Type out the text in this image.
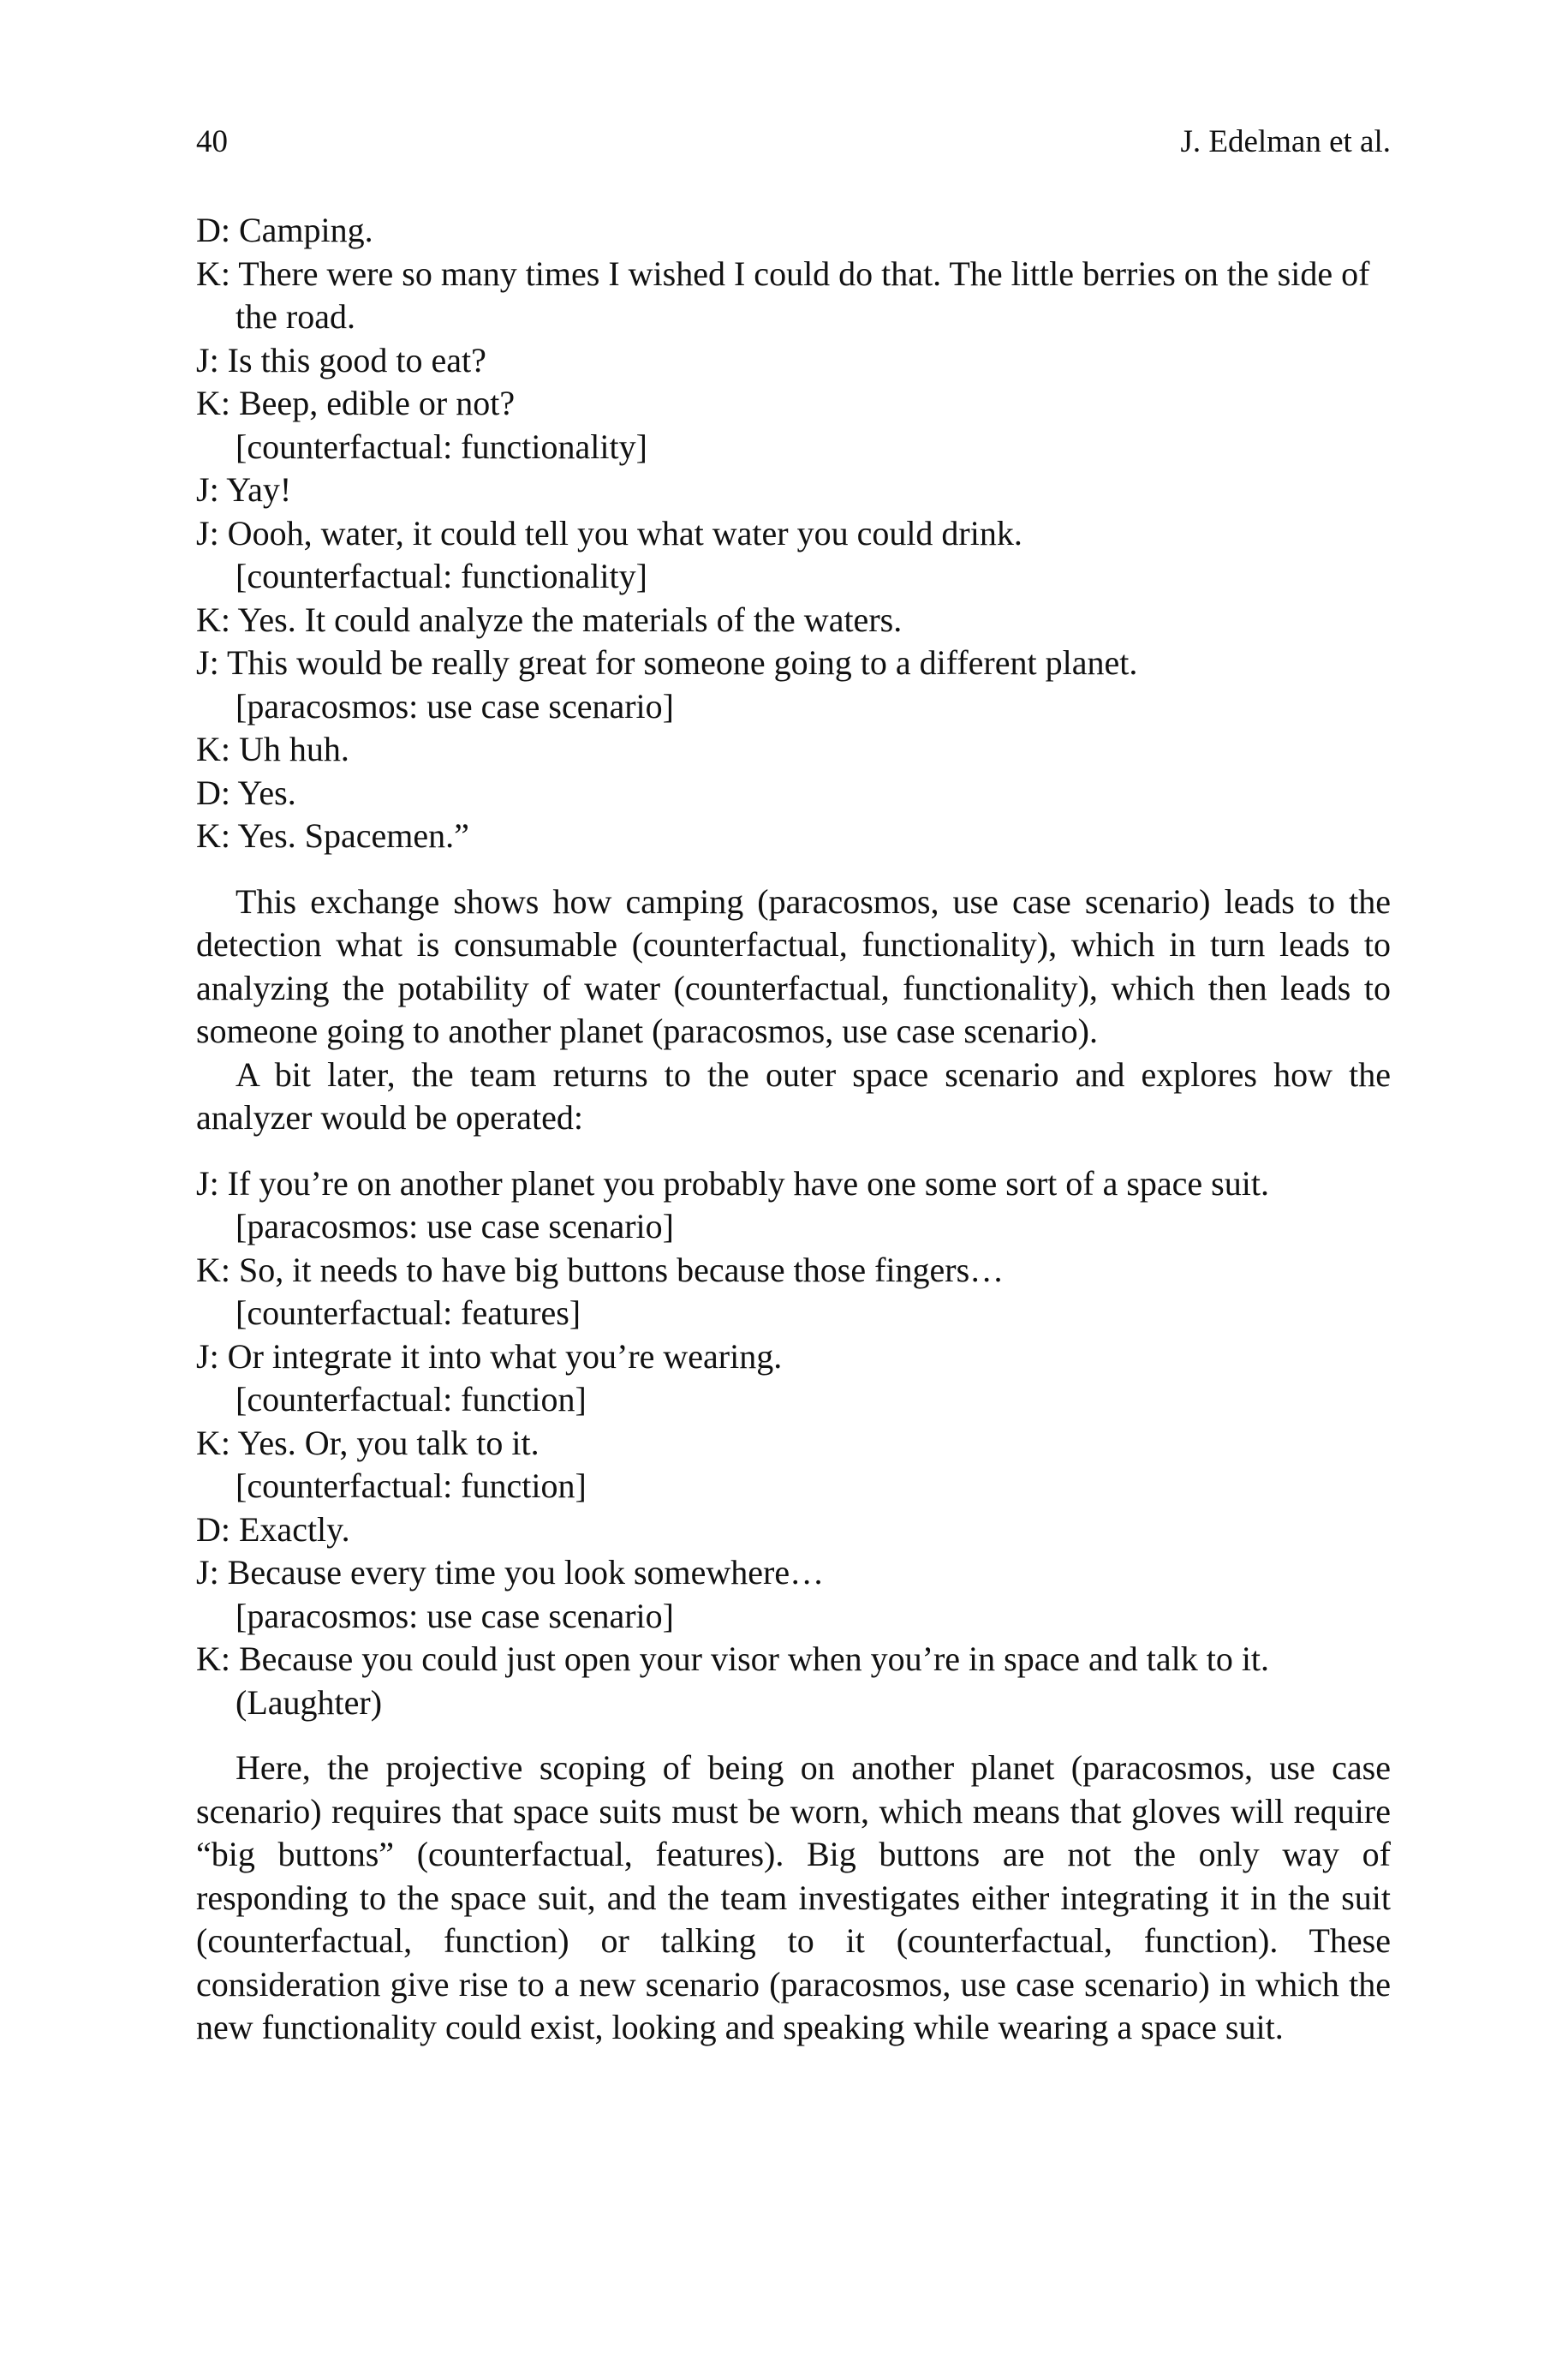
40	J. Edelman et al.
D: Camping.
K: There were so many times I wished I could do that. The little berries on the side of the road.
J: Is this good to eat?
K: Beep, edible or not?
[counterfactual: functionality]
J: Yay!
J: Oooh, water, it could tell you what water you could drink.
[counterfactual: functionality]
K: Yes. It could analyze the materials of the waters.
J: This would be really great for someone going to a different planet.
[paracosmos: use case scenario]
K: Uh huh.
D: Yes.
K: Yes. Spacemen.”

This exchange shows how camping (paracosmos, use case scenario) leads to the detection what is consumable (counterfactual, functionality), which in turn leads to analyzing the potability of water (counterfactual, functionality), which then leads to someone going to another planet (paracosmos, use case scenario).

A bit later, the team returns to the outer space scenario and explores how the analyzer would be operated:

J: If you’re on another planet you probably have one some sort of a space suit.
[paracosmos: use case scenario]
K: So, it needs to have big buttons because those fingers…
[counterfactual: features]
J: Or integrate it into what you’re wearing.
[counterfactual: function]
K: Yes. Or, you talk to it.
[counterfactual: function]
D: Exactly.
J: Because every time you look somewhere…
[paracosmos: use case scenario]
K: Because you could just open your visor when you’re in space and talk to it.
(Laughter)

Here, the projective scoping of being on another planet (paracosmos, use case scenario) requires that space suits must be worn, which means that gloves will require “big buttons” (counterfactual, features). Big buttons are not the only way of responding to the space suit, and the team investigates either integrating it in the suit (counterfactual, function) or talking to it (counterfactual, function). These consideration give rise to a new scenario (paracosmos, use case scenario) in which the new functionality could exist, looking and speaking while wearing a space suit.
